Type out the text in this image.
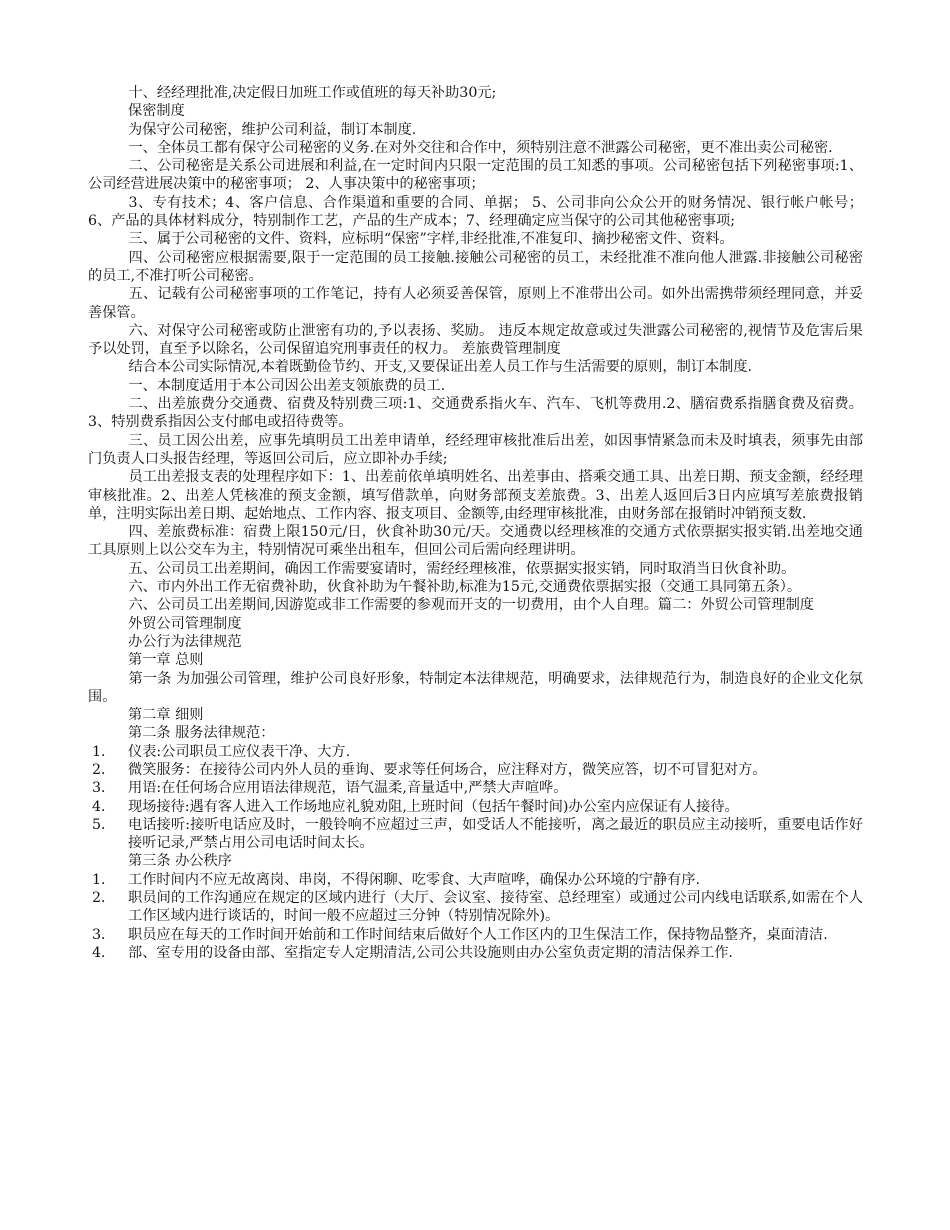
十、经经理批准,决定假日加班工作或值班的每天补助30元;

保密制度

为保守公司秘密，维护公司利益，制订本制度.

一、全体员工都有保守公司秘密的义务.在对外交往和合作中，须特别注意不泄露公司秘密，更不准出卖公司秘密.

二、公司秘密是关系公司进展和利益,在一定时间内只限一定范围的员工知悉的事项。公司秘密包括下列秘密事项:1、公司经营进展决策中的秘密事项； 2、人事决策中的秘密事项；

3、专有技术；4、客户信息、合作渠道和重要的合同、单据； 5、公司非向公众公开的财务情况、银行帐户帐号； 6、产品的具体材料成分，特别制作工艺，产品的生产成本；7、经理确定应当保守的公司其他秘密事项;

三、属于公司秘密的文件、资料，应标明“保密”字样,非经批准,不准复印、摘抄秘密文件、资料。

四、公司秘密应根据需要,限于一定范围的员工接触.接触公司秘密的员工，未经批准不准向他人泄露.非接触公司秘密的员工,不准打听公司秘密。

五、记载有公司秘密事项的工作笔记，持有人必须妥善保管，原则上不准带出公司。如外出需携带须经理同意，并妥善保管。

六、对保守公司秘密或防止泄密有功的,予以表扬、奖励。 违反本规定故意或过失泄露公司秘密的,视情节及危害后果予以处罚，直至予以除名，公司保留追究刑事责任的权力。 差旅费管理制度

结合本公司实际情况,本着既勤俭节约、开支,又要保证出差人员工作与生活需要的原则，制订本制度.

一、本制度适用于本公司因公出差支领旅费的员工.

二、出差旅费分交通费、宿费及特别费三项:1、交通费系指火车、汽车、飞机等费用.2、膳宿费系指膳食费及宿费。3、特别费系指因公支付邮电或招待费等。

三、员工因公出差，应事先填明员工出差申请单，经经理审核批准后出差，如因事情紧急而未及时填表，须事先由部门负责人口头报告经理，等返回公司后，应立即补办手续;

员工出差报支表的处理程序如下：1、出差前依单填明姓名、出差事由、搭乘交通工具、出差日期、预支金额，经经理审核批准。2、出差人凭核准的预支金额，填写借款单，向财务部预支差旅费。3、出差人返回后3日内应填写差旅费报销单，注明实际出差日期、起始地点、工作内容、报支项目、金额等,由经理审核批准，由财务部在报销时冲销预支数.

四、差旅费标准：宿费上限150元/日，伙食补助30元/天。交通费以经理核准的交通方式依票据实报实销.出差地交通工具原则上以公交车为主，特别情况可乘坐出租车，但回公司后需向经理讲明。

五、公司员工出差期间，确因工作需要宴请时，需经经理核准，依票据实报实销，同时取消当日伙食补助。

六、市内外出工作无宿费补助，伙食补助为午餐补助,标准为15元,交通费依票据实报（交通工具同第五条）。

六、公司员工出差期间,因游览或非工作需要的参观而开支的一切费用，由个人自理。篇二：外贸公司管理制度

外贸公司管理制度

办公行为法律规范

第一章 总则

第一条 为加强公司管理，维护公司良好形象，特制定本法律规范，明确要求，法律规范行为，制造良好的企业文化氛围。

第二章 细则

第二条 服务法律规范：

1． 仪表:公司职员工应仪表干净、大方.
2． 微笑服务：在接待公司内外人员的垂询、要求等任何场合，应注释对方，微笑应答，切不可冒犯对方。
3． 用语:在任何场合应用语法律规范，语气温柔,音量适中,严禁大声喧哗。
4． 现场接待:遇有客人进入工作场地应礼貌劝阻,上班时间（包括午餐时间)办公室内应保证有人接待。
5． 电话接听:接听电话应及时，一般铃响不应超过三声，如受话人不能接听，离之最近的职员应主动接听，重要电话作好接听记录,严禁占用公司电话时间太长。

第三条 办公秩序

1． 工作时间内不应无故离岗、串岗，不得闲聊、吃零食、大声喧哗，确保办公环境的宁静有序.
2． 职员间的工作沟通应在规定的区域内进行（大厅、会议室、接待室、总经理室）或通过公司内线电话联系,如需在个人工作区域内进行谈话的，时间一般不应超过三分钟（特别情况除外)。
3． 职员应在每天的工作时间开始前和工作时间结束后做好个人工作区内的卫生保洁工作，保持物品整齐，桌面清洁.
4． 部、室专用的设备由部、室指定专人定期清洁,公司公共设施则由办公室负责定期的清洁保养工作.
